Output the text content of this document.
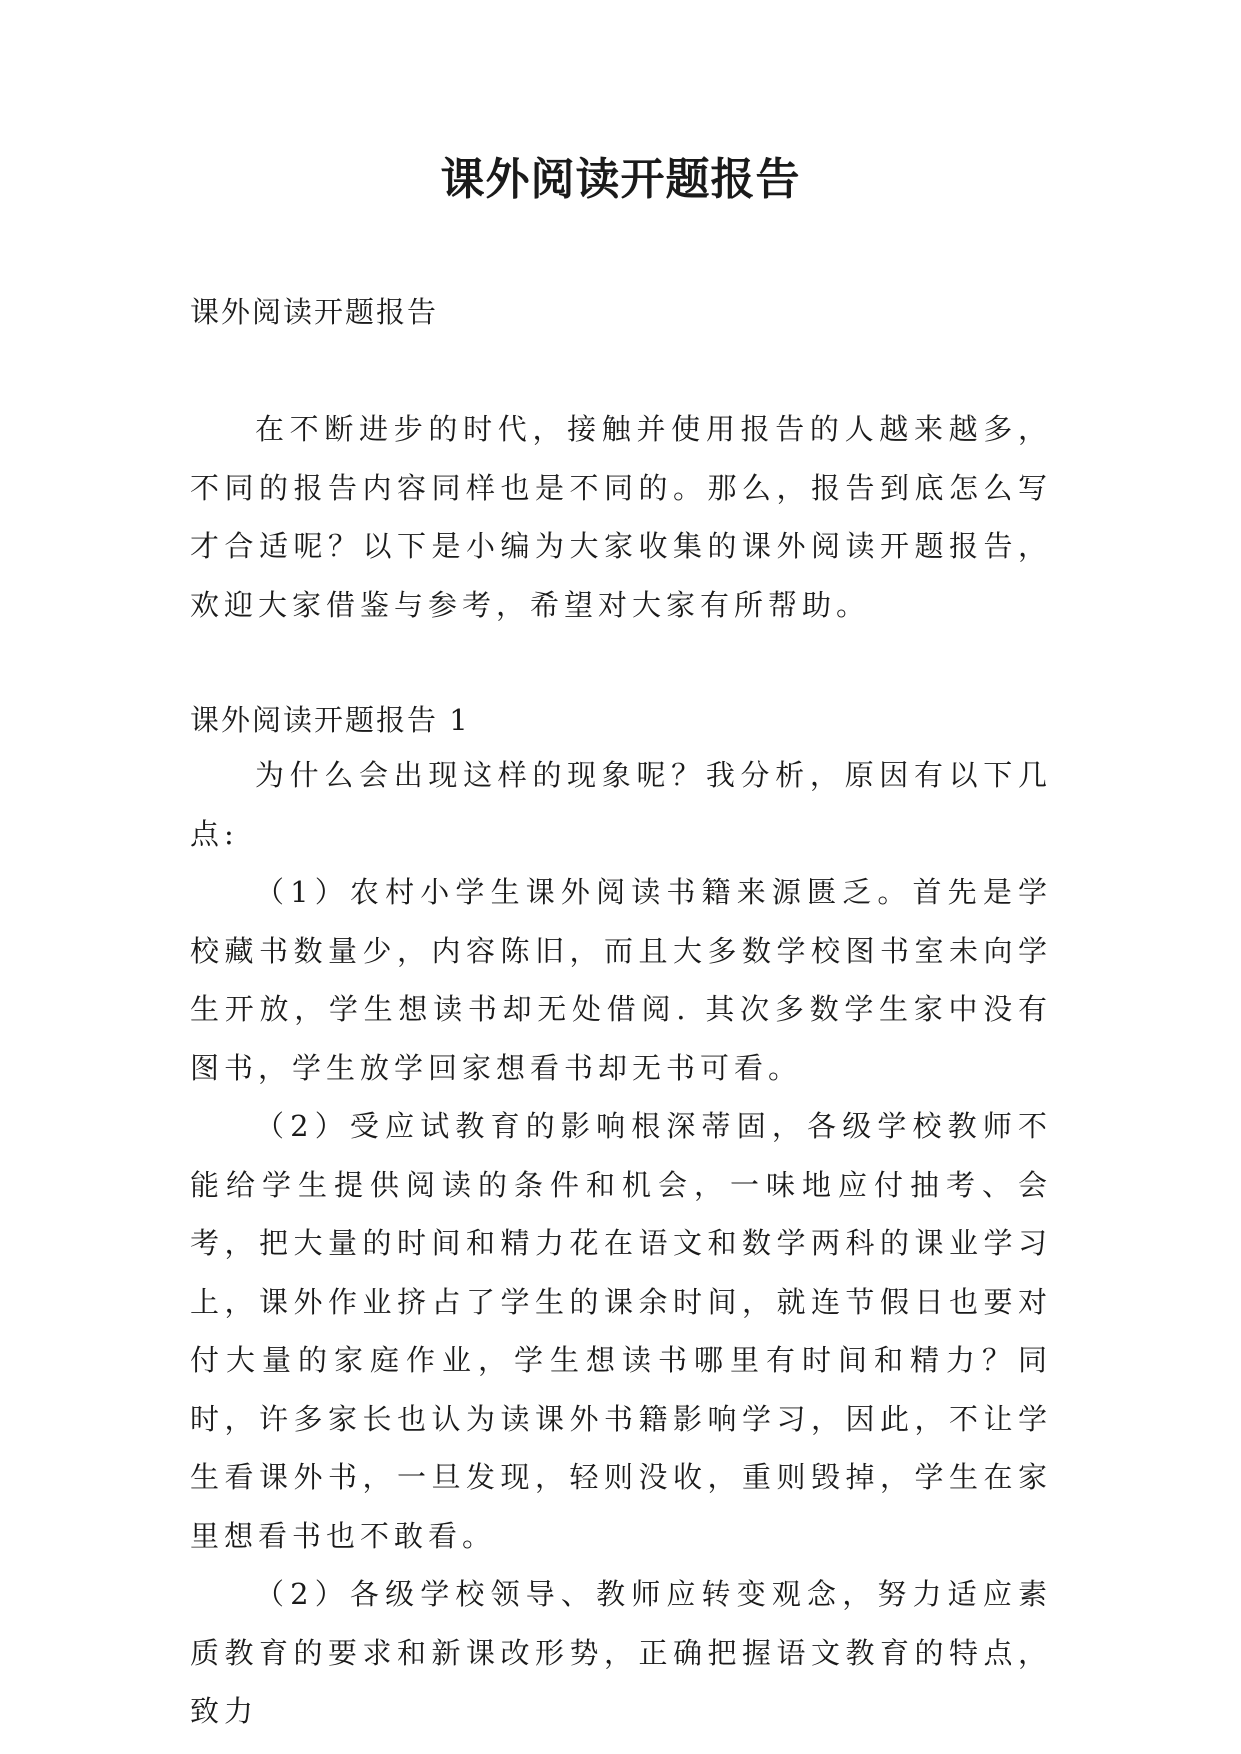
课外阅读开题报告

课外阅读开题报告

在不断进步的时代，接触并使用报告的人越来越多，不同的报告内容同样也是不同的。那么，报告到底怎么写才合适呢？以下是小编为大家收集的课外阅读开题报告，欢迎大家借鉴与参考，希望对大家有所帮助。

课外阅读开题报告 1

为什么会出现这样的现象呢？我分析，原因有以下几点:

（1）农村小学生课外阅读书籍来源匮乏。首先是学校藏书数量少，内容陈旧，而且大多数学校图书室未向学生开放，学生想读书却无处借阅. 其次多数学生家中没有图书，学生放学回家想看书却无书可看。

（2）受应试教育的影响根深蒂固，各级学校教师不能给学生提供阅读的条件和机会，一味地应付抽考、会考，把大量的时间和精力花在语文和数学两科的课业学习上，课外作业挤占了学生的课余时间，就连节假日也要对付大量的家庭作业，学生想读书哪里有时间和精力？同时，许多家长也认为读课外书籍影响学习，因此，不让学生看课外书，一旦发现，轻则没收，重则毁掉，学生在家里想看书也不敢看。

（2）各级学校领导、教师应转变观念，努力适应素质教育的要求和新课改形势，正确把握语文教育的特点，致力
